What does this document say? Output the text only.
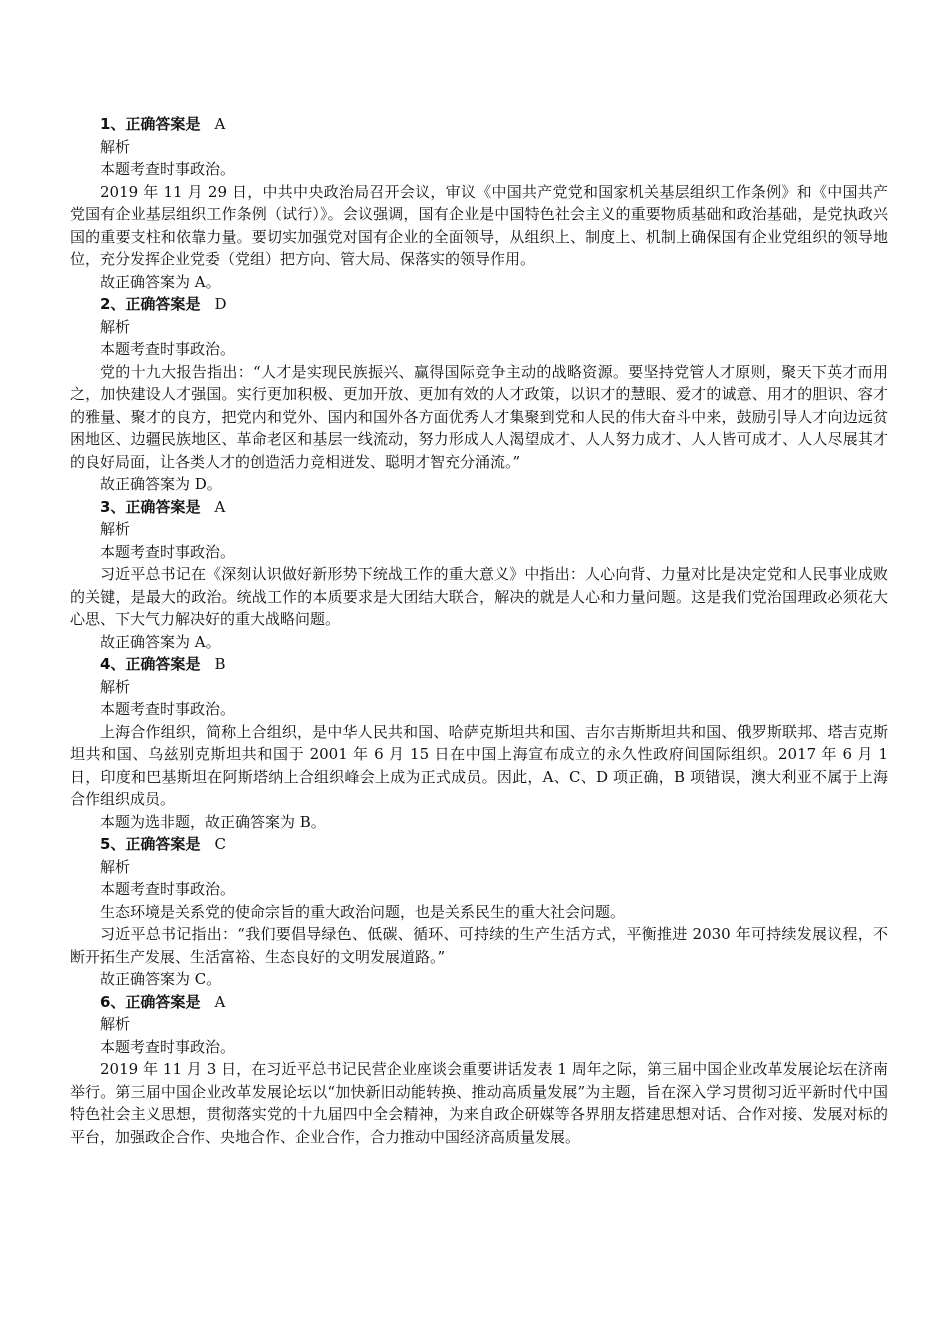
1、正确答案是 A
解析
本题考查时事政治。
2019 年 11 月 29 日，中共中央政治局召开会议，审议《中国共产党党和国家机关基层组织工作条例》和《中国共产党国有企业基层组织工作条例（试行）》。会议强调，国有企业是中国特色社会主义的重要物质基础和政治基础，是党执政兴国的重要支柱和依靠力量。要切实加强党对国有企业的全面领导，从组织上、制度上、机制上确保国有企业党组织的领导地位，充分发挥企业党委（党组）把方向、管大局、保落实的领导作用。
故正确答案为 A。
2、正确答案是 D
解析
本题考查时事政治。
党的十九大报告指出：“人才是实现民族振兴、赢得国际竞争主动的战略资源。要坚持党管人才原则，聚天下英才而用之，加快建设人才强国。实行更加积极、更加开放、更加有效的人才政策，以识才的慧眼、爱才的诚意、用才的胆识、容才的雅量、聚才的良方，把党内和党外、国内和国外各方面优秀人才集聚到党和人民的伟大奋斗中来，鼓励引导人才向边远贫困地区、边疆民族地区、革命老区和基层一线流动，努力形成人人渴望成才、人人努力成才、人人皆可成才、人人尽展其才的良好局面，让各类人才的创造活力竞相迸发、聪明才智充分涌流。”
故正确答案为 D。
3、正确答案是 A
解析
本题考查时事政治。
习近平总书记在《深刻认识做好新形势下统战工作的重大意义》中指出：人心向背、力量对比是决定党和人民事业成败的关键，是最大的政治。统战工作的本质要求是大团结大联合，解决的就是人心和力量问题。这是我们党治国理政必须花大心思、下大气力解决好的重大战略问题。
故正确答案为 A。
4、正确答案是 B
解析
本题考查时事政治。
上海合作组织，简称上合组织，是中华人民共和国、哈萨克斯坦共和国、吉尔吉斯斯坦共和国、俄罗斯联邦、塔吉克斯坦共和国、乌兹别克斯坦共和国于 2001 年 6 月 15 日在中国上海宣布成立的永久性政府间国际组织。2017 年 6 月 1 日，印度和巴基斯坦在阿斯塔纳上合组织峰会上成为正式成员。因此，A、C、D 项正确，B 项错误，澳大利亚不属于上海合作组织成员。
本题为选非题，故正确答案为 B。
5、正确答案是 C
解析
本题考查时事政治。
生态环境是关系党的使命宗旨的重大政治问题，也是关系民生的重大社会问题。
习近平总书记指出：“我们要倡导绿色、低碳、循环、可持续的生产生活方式，平衡推进 2030 年可持续发展议程，不断开拓生产发展、生活富裕、生态良好的文明发展道路。”
故正确答案为 C。
6、正确答案是 A
解析
本题考查时事政治。
2019 年 11 月 3 日，在习近平总书记民营企业座谈会重要讲话发表 1 周年之际，第三届中国企业改革发展论坛在济南举行。第三届中国企业改革发展论坛以“加快新旧动能转换、推动高质量发展”为主题，旨在深入学习贯彻习近平新时代中国特色社会主义思想，贯彻落实党的十九届四中全会精神，为来自政企研媒等各界朋友搭建思想对话、合作对接、发展对标的平台，加强政企合作、央地合作、企业合作，合力推动中国经济高质量发展。
